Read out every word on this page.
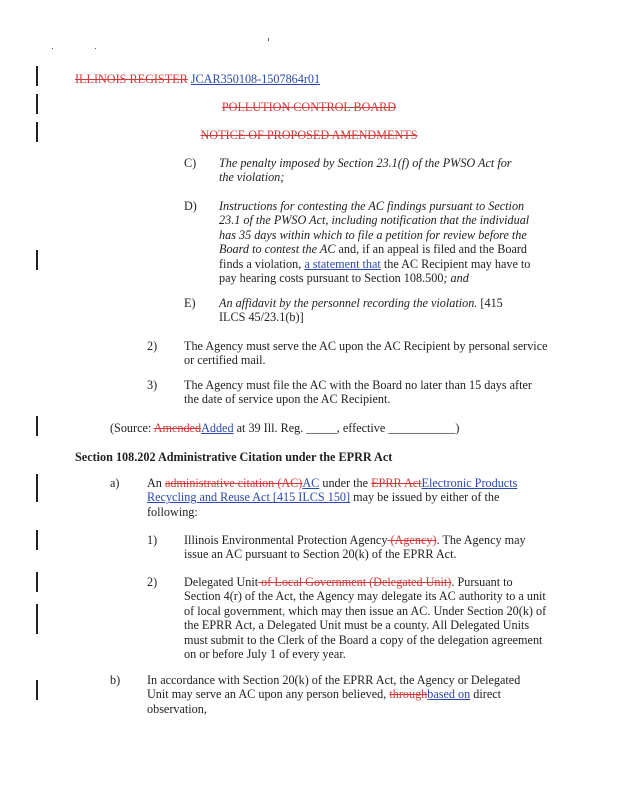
ILLINOIS REGISTER JCAR350108-1507864r01
POLLUTION CONTROL BOARD
NOTICE OF PROPOSED AMENDMENTS
C) The penalty imposed by Section 23.1(f) of the PWSO Act for the violation;
D) Instructions for contesting the AC findings pursuant to Section 23.1 of the PWSO Act, including notification that the individual has 35 days within which to file a petition for review before the Board to contest the AC and, if an appeal is filed and the Board finds a violation, a statement that the AC Recipient may have to pay hearing costs pursuant to Section 108.500; and
E) An affidavit by the personnel recording the violation. [415 ILCS 45/23.1(b)]
2) The Agency must serve the AC upon the AC Recipient by personal service or certified mail.
3) The Agency must file the AC with the Board no later than 15 days after the date of service upon the AC Recipient.
(Source: AmendedAdded at 39 Ill. Reg. _____, effective ___________)
Section 108.202 Administrative Citation under the EPRR Act
a) An administrative citation (AC)AC under the EPRR ActElectronic Products Recycling and Reuse Act [415 ILCS 150] may be issued by either of the following:
1) Illinois Environmental Protection Agency (Agency). The Agency may issue an AC pursuant to Section 20(k) of the EPRR Act.
2) Delegated Unit of Local Government (Delegated Unit). Pursuant to Section 4(r) of the Act, the Agency may delegate its AC authority to a unit of local government, which may then issue an AC. Under Section 20(k) of the EPRR Act, a Delegated Unit must be a county. All Delegated Units must submit to the Clerk of the Board a copy of the delegation agreement on or before July 1 of every year.
b) In accordance with Section 20(k) of the EPRR Act, the Agency or Delegated Unit may serve an AC upon any person believed, throughbased on direct observation,
